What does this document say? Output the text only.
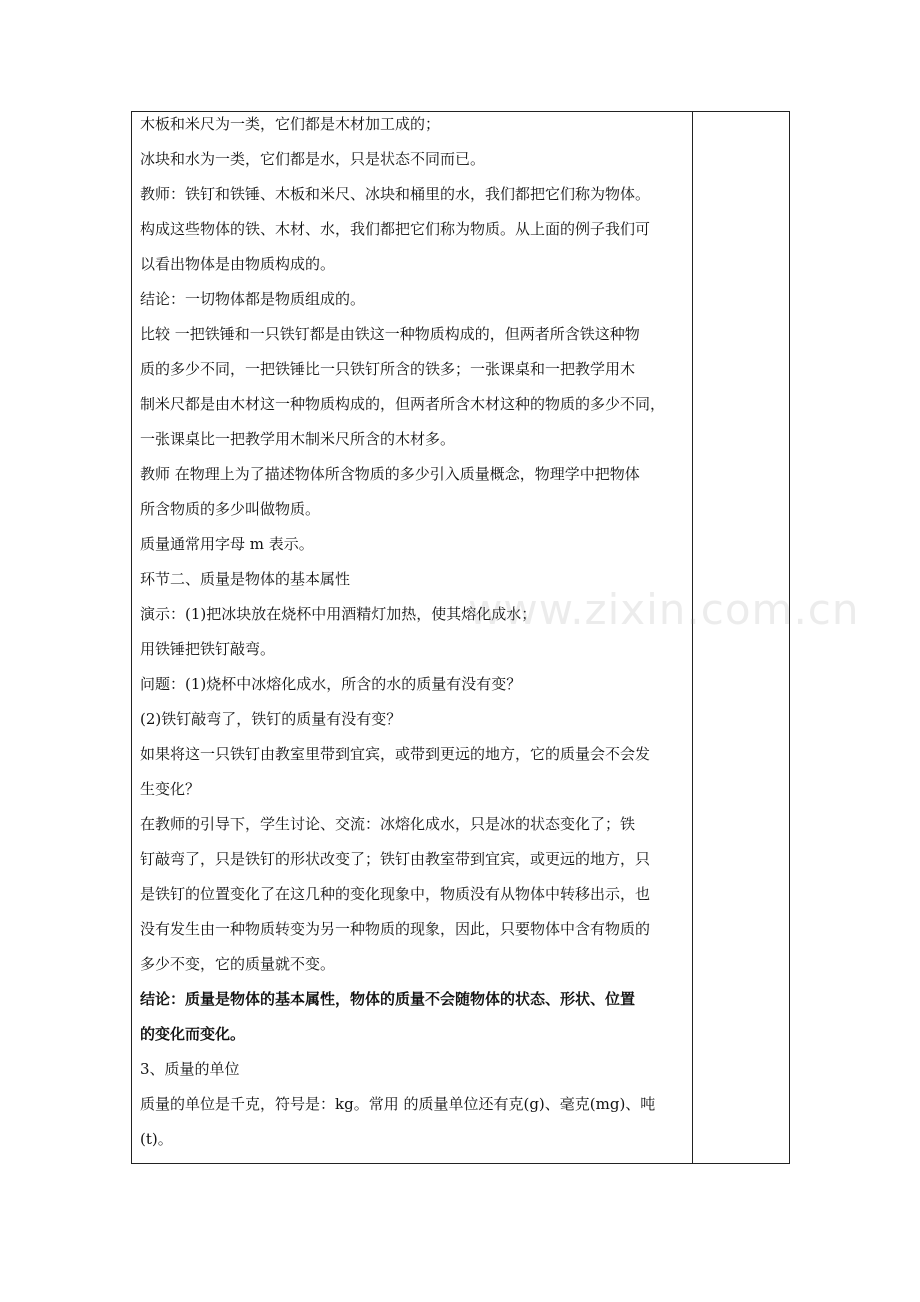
木板和米尺为一类，它们都是木材加工成的；
冰块和水为一类，它们都是水，只是状态不同而已。
教师：铁钉和铁锤、木板和米尺、冰块和桶里的水，我们都把它们称为物体。
构成这些物体的铁、木材、水，我们都把它们称为物质。从上面的例子我们可
以看出物体是由物质构成的。
结论：一切物体都是物质组成的。
比较 一把铁锤和一只铁钉都是由铁这一种物质构成的，但两者所含铁这种物
质的多少不同，一把铁锤比一只铁钉所含的铁多；一张课桌和一把教学用木
制米尺都是由木材这一种物质构成的，但两者所含木材这种的物质的多少不同，
一张课桌比一把教学用木制米尺所含的木材多。
教师 在物理上为了描述物体所含物质的多少引入质量概念，物理学中把物体
所含物质的多少叫做物质。
质量通常用字母 m 表示。
环节二、质量是物体的基本属性
演示：(1)把冰块放在烧杯中用酒精灯加热，使其熔化成水；
用铁锤把铁钉敲弯。
问题：(1)烧杯中冰熔化成水，所含的水的质量有没有变？
(2)铁钉敲弯了，铁钉的质量有没有变？
如果将这一只铁钉由教室里带到宜宾，或带到更远的地方，它的质量会不会发
生变化？
在教师的引导下，学生讨论、交流：冰熔化成水，只是冰的状态变化了；铁
钉敲弯了，只是铁钉的形状改变了；铁钉由教室带到宜宾，或更远的地方，只
是铁钉的位置变化了在这几种的变化现象中，物质没有从物体中转移出示，也
没有发生由一种物质转变为另一种物质的现象，因此，只要物体中含有物质的
多少不变，它的质量就不变。
结论：质量是物体的基本属性，物体的质量不会随物体的状态、形状、位置
的变化而变化。
3、质量的单位
质量的单位是千克，符号是：kg。常用 的质量单位还有克(g)、毫克(mg)、吨
(t)。
www.zixin.com.cn
